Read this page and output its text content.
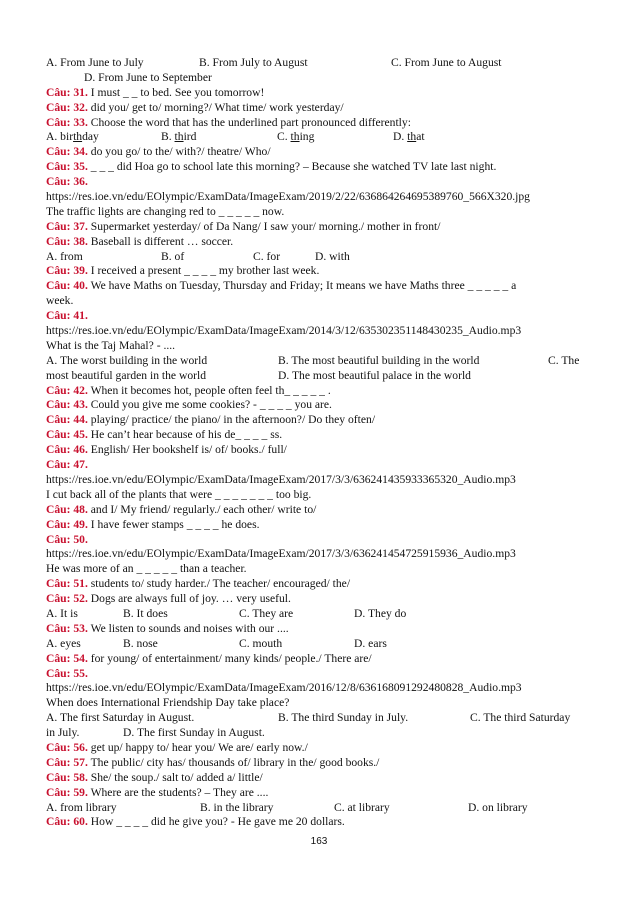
A. From June to July	B. From July to August	C. From June to August
D. From June to September
Câu: 31. I must _ _ to bed. See you tomorrow!
Câu: 32. did you/ get to/ morning?/ What time/ work yesterday/
Câu: 33. Choose the word that has the underlined part pronounced differently:
A. birthday	B. third	C. thing	D. that
Câu: 34. do you go/ to the/ with?/ theatre/ Who/
Câu: 35. _ _ _ did Hoa go to school late this morning? – Because she watched TV late last night.
Câu: 36.
https://res.ioe.vn/edu/EOlympic/ExamData/ImageExam/2019/2/22/636864264695389760_566X320.jpg
The traffic lights are changing red to _ _ _ _ _ now.
Câu: 37. Supermarket yesterday/ of Da Nang/ I saw your/ morning./ mother in front/
Câu: 38. Baseball is different … soccer.
A. from	B. of	C. for	D. with
Câu: 39. I received a present _ _ _ _ my brother last week.
Câu: 40. We have Maths on Tuesday, Thursday and Friday; It means we have Maths three _ _ _ _ _ a
week.
Câu: 41.
https://res.ioe.vn/edu/EOlympic/ExamData/ImageExam/2014/3/12/635302351148430235_Audio.mp3
What is the Taj Mahal? - ....
A. The worst building in the world	B. The most beautiful building in the world	C. The
most beautiful garden in the world	D. The most beautiful palace in the world
Câu: 42. When it becomes hot, people often feel th_ _ _ _ _ .
Câu: 43. Could you give me some cookies? - _ _ _ _ you are.
Câu: 44. playing/ practice/ the piano/ in the afternoon?/ Do they often/
Câu: 45. He can’t hear because of his de_ _ _ _ ss.
Câu: 46. English/ Her bookshelf is/ of/ books./ full/
Câu: 47.
https://res.ioe.vn/edu/EOlympic/ExamData/ImageExam/2017/3/3/636241435933365320_Audio.mp3
I cut back all of the plants that were _ _ _ _ _ _ _ too big.
Câu: 48. and I/ My friend/ regularly./ each other/ write to/
Câu: 49. I have fewer stamps _ _ _ _ he does.
Câu: 50.
https://res.ioe.vn/edu/EOlympic/ExamData/ImageExam/2017/3/3/636241454725915936_Audio.mp3
He was more of an _ _ _ _ _ than a teacher.
Câu: 51. students to/ study harder./ The teacher/ encouraged/ the/
Câu: 52. Dogs are always full of joy. … very useful.
A. It is	B. It does	C. They are	D. They do
Câu: 53. We listen to sounds and noises with our ....
A. eyes	B. nose	C. mouth	D. ears
Câu: 54. for young/ of entertainment/ many kinds/ people./ There are/
Câu: 55.
https://res.ioe.vn/edu/EOlympic/ExamData/ImageExam/2016/12/8/636168091292480828_Audio.mp3
When does International Friendship Day take place?
A. The first Saturday in August.	B. The third Sunday in July.	C. The third Saturday
in July.	D. The first Sunday in August.
Câu: 56. get up/ happy to/ hear you/ We are/ early now./
Câu: 57. The public/ city has/ thousands of/ library in the/ good books./
Câu: 58. She/ the soup./ salt to/ added a/ little/
Câu: 59. Where are the students? – They are ....
A. from library	B. in the library	C. at library	D. on library
Câu: 60. How _ _ _ _ did he give you? - He gave me 20 dollars.
163
